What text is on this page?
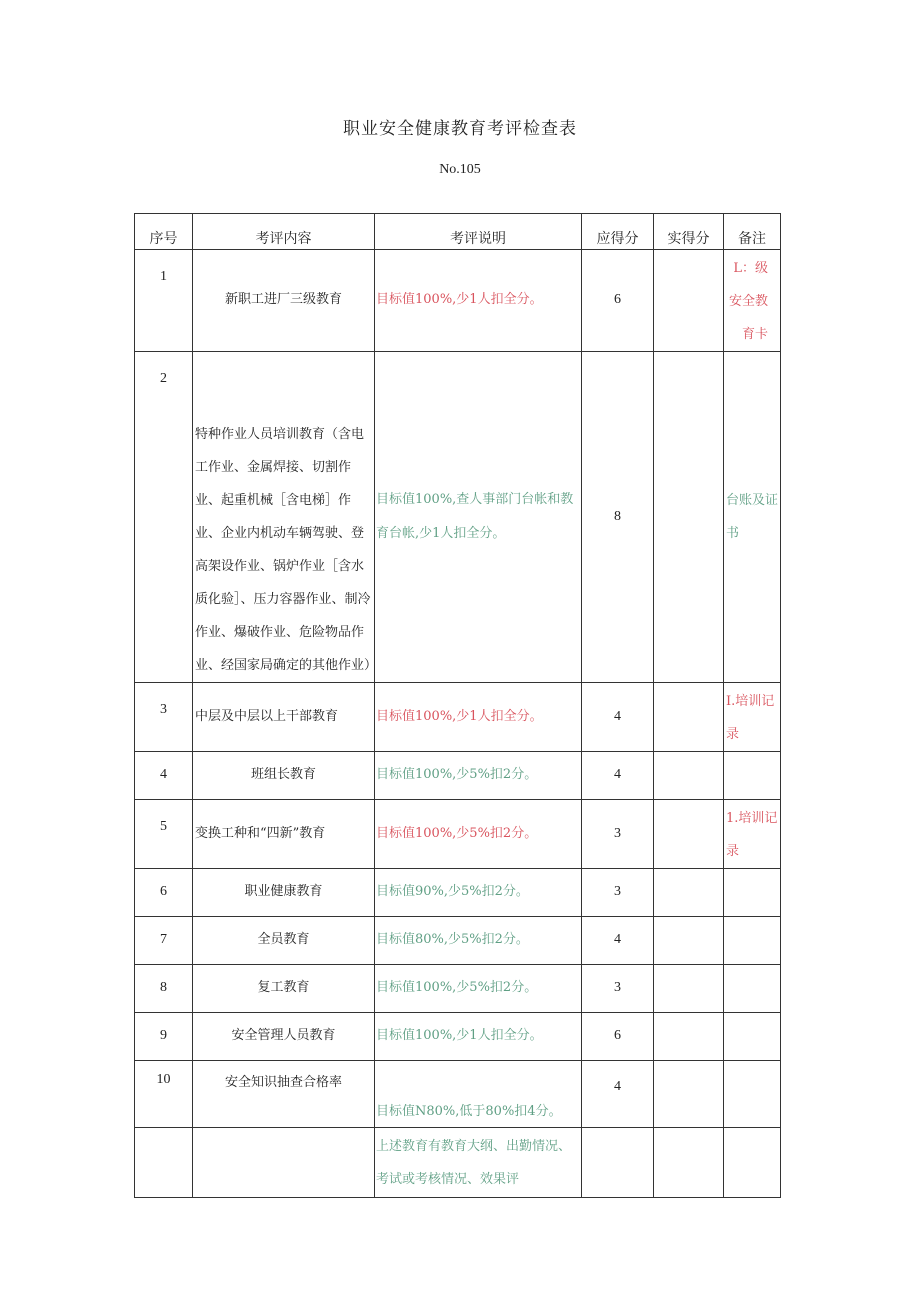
职业安全健康教育考评检查表
No.105
序号	考评内容	考评说明	应得分	实得分	备注
1	新职工进厂三级教育	目标值100%,少1人扣全分。	6		L：级安全教育卡
2	特种作业人员培训教育（含电工作业、金属焊接、切割作业、起重机械［含电梯］作业、企业内机动车辆驾驶、登高架设作业、锅炉作业［含水质化验］、压力容器作业、制冷作业、爆破作业、危险物品作业、经国家局确定的其他作业）	目标值100%,查人事部门台帐和教育台帐,少1人扣全分。	8		台账及证书
3	中层及中层以上干部教育	目标值100%,少1人扣全分。	4		I.培训记录
4	班组长教育	目标值100%,少5%扣2分。	4		
5	变换工种和“四新”教育	目标值100%,少5%扣2分。	3		1.培训记录
6	职业健康教育	目标值90%,少5%扣2分。	3		
7	全员教育	目标值80%,少5%扣2分。	4		
8	复工教育	目标值100%,少5%扣2分。	3		
9	安全管理人员教育	目标值100%,少1人扣全分。	6		
10	安全知识抽查合格率	目标值N80%,低于80%扣4分。	4		
		上述教育有教育大纲、出勤情况、考试或考核情况、效果评			
